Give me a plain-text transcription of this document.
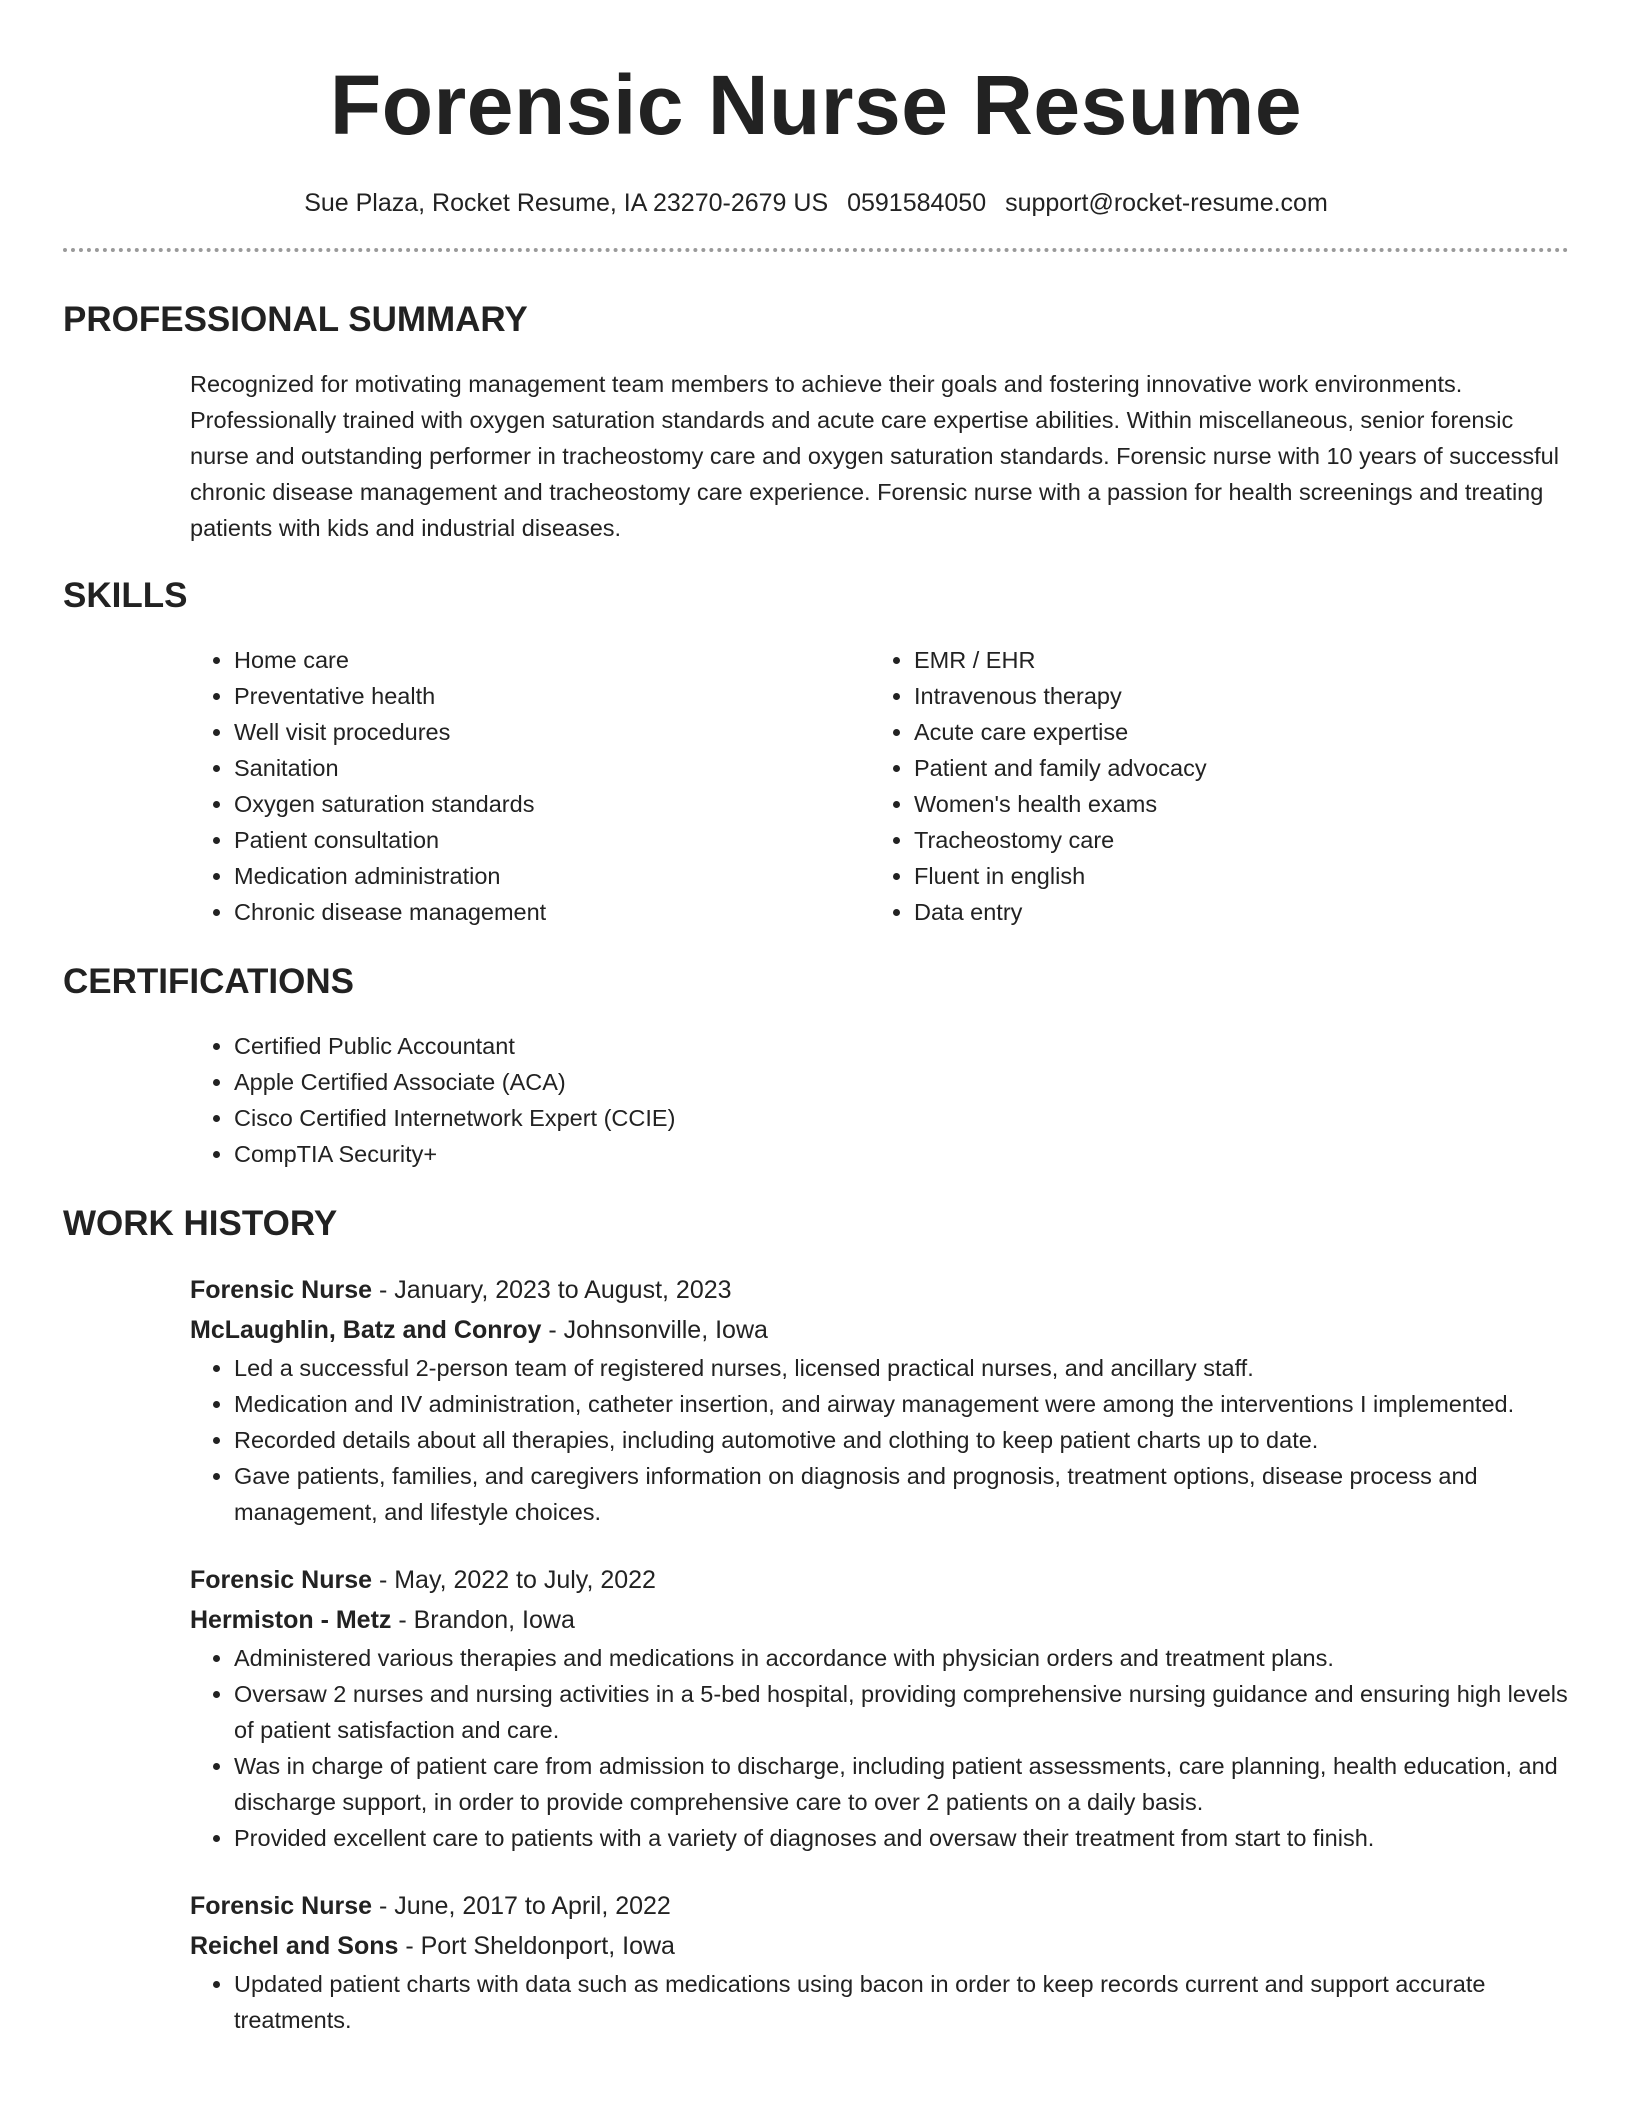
Forensic Nurse Resume
Sue Plaza, Rocket Resume, IA 23270-2679 US 0591584050 support@rocket-resume.com
PROFESSIONAL SUMMARY

Recognized for motivating management team members to achieve their goals and fostering innovative work environments. Professionally trained with oxygen saturation standards and acute care expertise abilities. Within miscellaneous, senior forensic nurse and outstanding performer in tracheostomy care and oxygen saturation standards. Forensic nurse with 10 years of successful chronic disease management and tracheostomy care experience. Forensic nurse with a passion for health screenings and treating patients with kids and industrial diseases.

SKILLS
• Home care
• Preventative health
• Well visit procedures
• Sanitation
• Oxygen saturation standards
• Patient consultation
• Medication administration
• Chronic disease management
• EMR / EHR
• Intravenous therapy
• Acute care expertise
• Patient and family advocacy
• Women's health exams
• Tracheostomy care
• Fluent in english
• Data entry
CERTIFICATIONS
• Certified Public Accountant
• Apple Certified Associate (ACA)
• Cisco Certified Internetwork Expert (CCIE)
• CompTIA Security+
WORK HISTORY
Forensic Nurse - January, 2023 to August, 2023
McLaughlin, Batz and Conroy - Johnsonville, Iowa
• Led a successful 2-person team of registered nurses, licensed practical nurses, and ancillary staff.
• Medication and IV administration, catheter insertion, and airway management were among the interventions I implemented.
• Recorded details about all therapies, including automotive and clothing to keep patient charts up to date.
• Gave patients, families, and caregivers information on diagnosis and prognosis, treatment options, disease process and management, and lifestyle choices.
Forensic Nurse - May, 2022 to July, 2022
Hermiston - Metz - Brandon, Iowa
• Administered various therapies and medications in accordance with physician orders and treatment plans.
• Oversaw 2 nurses and nursing activities in a 5-bed hospital, providing comprehensive nursing guidance and ensuring high levels of patient satisfaction and care.
• Was in charge of patient care from admission to discharge, including patient assessments, care planning, health education, and discharge support, in order to provide comprehensive care to over 2 patients on a daily basis.
• Provided excellent care to patients with a variety of diagnoses and oversaw their treatment from start to finish.
Forensic Nurse - June, 2017 to April, 2022
Reichel and Sons - Port Sheldonport, Iowa
• Updated patient charts with data such as medications using bacon in order to keep records current and support accurate treatments.
